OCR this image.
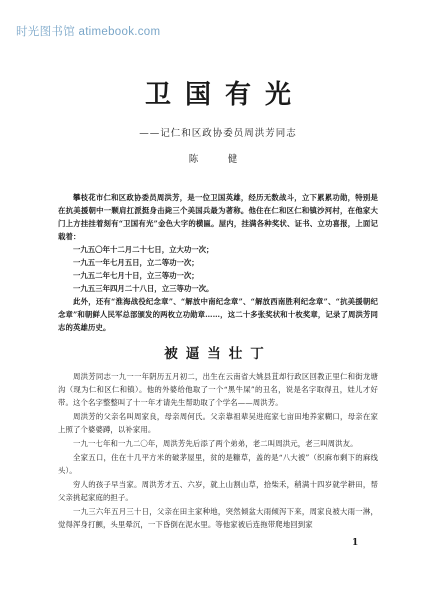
时光图书馆 atimebook.com
卫国有光
——记仁和区政协委员周洪芳同志
陈　健
攀枝花市仁和区政协委员周洪芳，是一位卫国英雄，经历无数战斗，立下累累功勋，特别是在抗美援朝中一颗肩扛派挺身击毙三个美国兵最为著称。他住在仁和区仁和镇沙河村，在他家大门上方挂挂着刻有“卫国有光”金色大字的横匾。屋内，挂满各种奖状、证书、立功喜报，上面记载着：
一九五〇年十二月二十七日，立大功一次；
一九五一年七月五日，立二等功一次；
一九五二年七月十日，立三等功一次；
一九五三年四月二十八日，立三等功一次。
此外，还有“淮海战役纪念章”、“解放中南纪念章”、“解放西南胜利纪念章”、“抗美援朝纪念章”和朝鲜人民军总部颁发的两枚立功勋章……，这二十多张奖状和十枚奖章，记录了周洪芳同志的英雄历史。
被逼当壮丁
周洪芳同志一九一一年阴历五月初二，出生在云南省大姚县苴却行政区回教正里仁和街龙塘沟（现为仁和区仁和镇）。他的外婆给他取了一个“黑牛屎”的丑名，说是名字取得丑，娃儿才好带。这个名字整整叫了十一年才请先生帮助取了个学名——周洪芳。
周洪芳的父亲名叫周家良，母亲周何氏。父亲靠祖辈吴进庭家七亩田地养家糊口，母亲在家上照了个婆婆蹲，以补家用。
一九一七年和一九二〇年，周洪芳先后添了两个弟弟，老二叫周洪元，老三叫周洪友。
全家五口，住在十几平方米的破茅屋里，贫的是糠草，盖的是“八大被”（织麻布剩下的麻线头）。
穷人的孩子早当家。周洪芳才五、六岁，就上山割山草，拾柴禾，稍满十四岁就学耕田，帮父亲挑起家庭的担子。
一九三六年五月三十日，父亲在田主家种地，突然倾盆大雨倾泻下来，周家良被大雨一淋，觉得浑身打颤，头里晕沉，一下昏倒在泥水里。等他家被后连拖带爬地回到家
1
